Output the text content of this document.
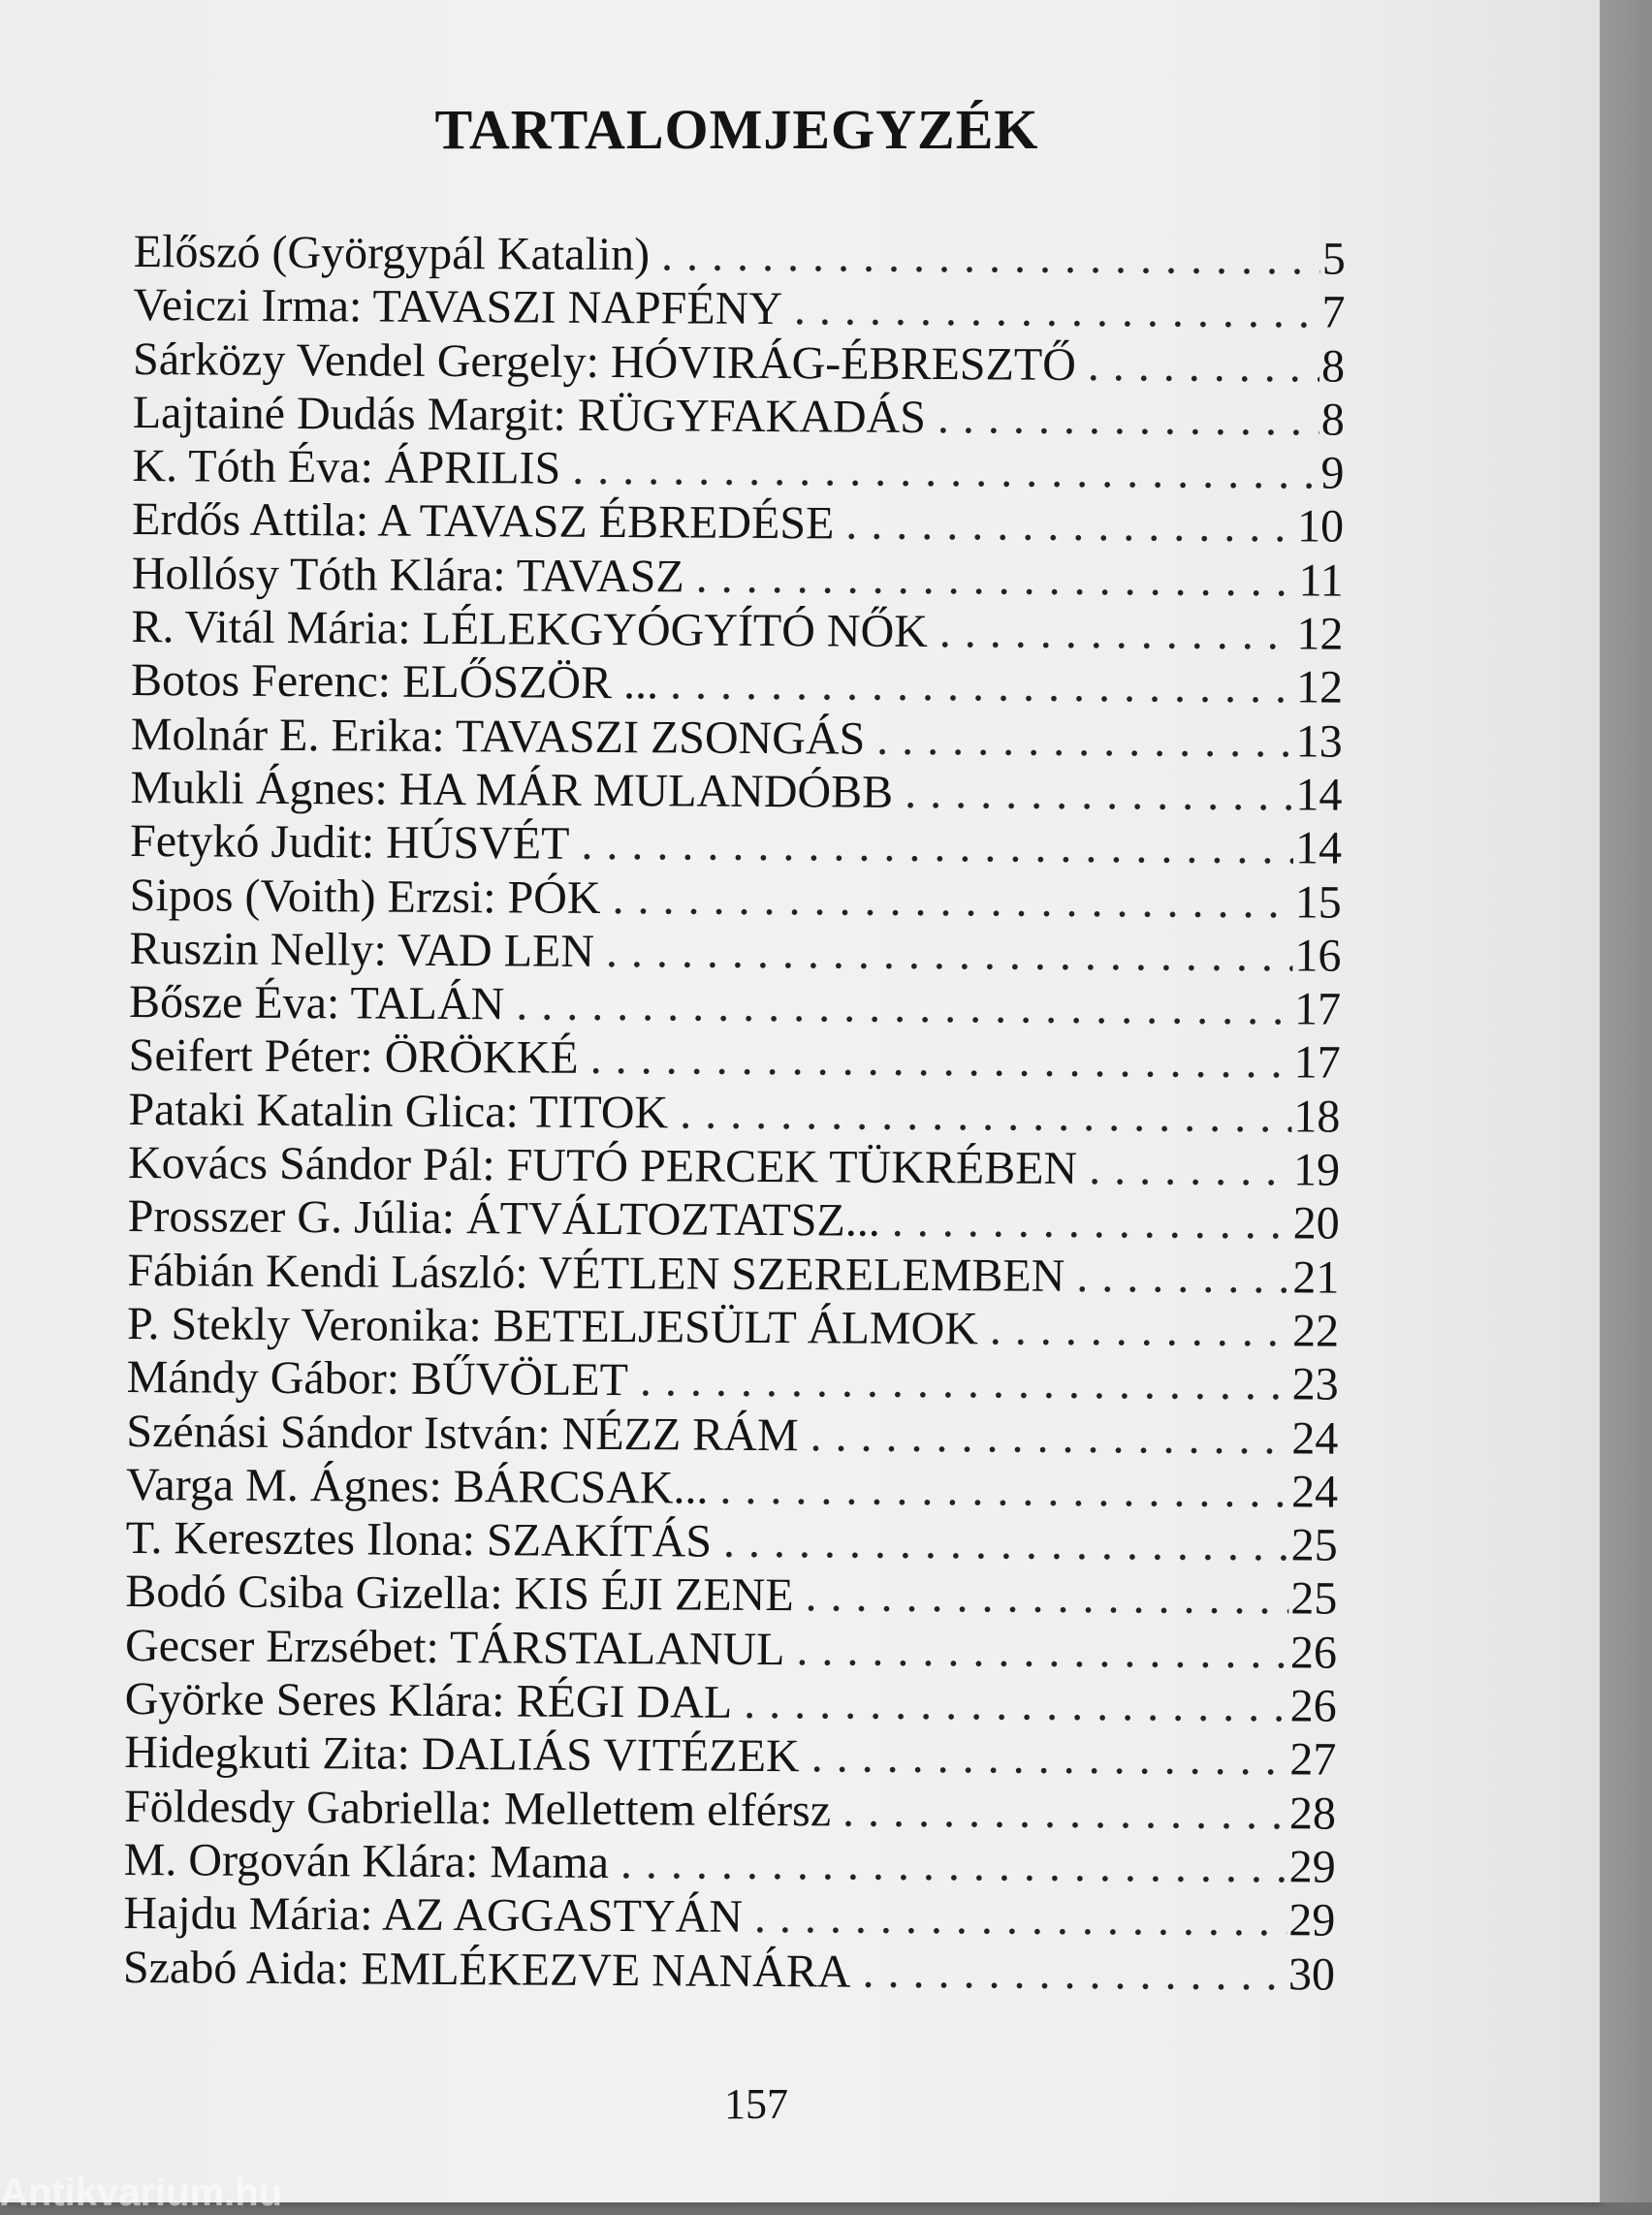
TARTALOMJEGYZÉK
Előszó (Györgypál Katalin) . . .	5
Veiczi Irma: TAVASZI NAPFÉNY . . .	7
Sárközy Vendel Gergely: HÓVIRÁG-ÉBRESZTŐ . . .	8
Lajtainé Dudás Margit: RÜGYFAKADÁS . . .	8
K. Tóth Éva: ÁPRILIS . . .	9
Erdős Attila: A TAVASZ ÉBREDÉSE . . .	10
Hollósy Tóth Klára: TAVASZ . . .	11
R. Vitál Mária: LÉLEKGYÓGYÍTÓ NŐK . . .	12
Botos Ferenc: ELŐSZÖR ... . . .	12
Molnár E. Erika: TAVASZI ZSONGÁS . . .	13
Mukli Ágnes: HA MÁR MULANDÓBB . . .	14
Fetykó Judit: HÚSVÉT . . .	14
Sipos (Voith) Erzsi: PÓK . . .	15
Ruszin Nelly: VAD LEN . . .	16
Bősze Éva: TALÁN . . .	17
Seifert Péter: ÖRÖKKÉ . . .	17
Pataki Katalin Glica: TITOK . . .	18
Kovács Sándor Pál: FUTÓ PERCEK TÜKRÉBEN . . .	19
Prosszer G. Júlia: ÁTVÁLTOZTATSZ... . . .	20
Fábián Kendi László: VÉTLEN SZERELEMBEN . . .	21
P. Stekly Veronika: BETELJESÜLT ÁLMOK . . .	22
Mándy Gábor: BŰVÖLET . . .	23
Szénási Sándor István: NÉZZ RÁM . . .	24
Varga M. Ágnes: BÁRCSAK... . . .	24
T. Keresztes Ilona: SZAKÍTÁS . . .	25
Bodó Csiba Gizella: KIS ÉJI ZENE . . .	25
Gecser Erzsébet: TÁRSTALANUL . . .	26
Györke Seres Klára: RÉGI DAL . . .	26
Hidegkuti Zita: DALIÁS VITÉZEK . . .	27
Földesdy Gabriella: Mellettem elférsz . . .	28
M. Orgován Klára: Mama . . .	29
Hajdu Mária: AZ AGGASTYÁN . . .	29
Szabó Aida: EMLÉKEZVE NANÁRA . . .	30
157
Antikvarium.hu
